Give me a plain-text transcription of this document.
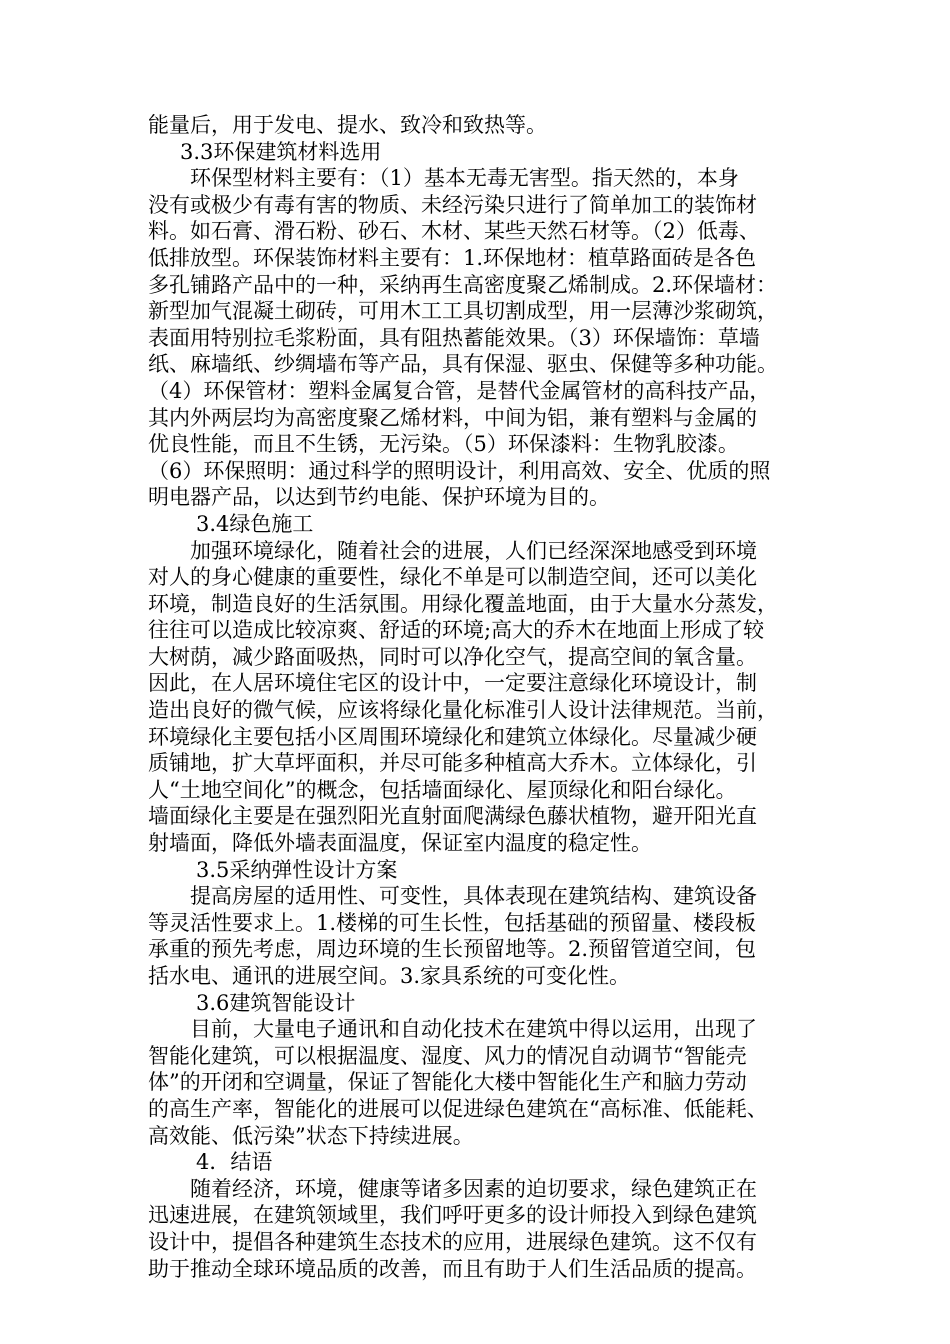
能量后，用于发电、提水、致冷和致热等。
3.3环保建筑材料选用
环保型材料主要有：（1）基本无毒无害型。指天然的，本身
没有或极少有毒有害的物质、未经污染只进行了简单加工的装饰材
料。如石膏、滑石粉、砂石、木材、某些天然石材等。（2）低毒、
低排放型。环保装饰材料主要有：1.环保地材：植草路面砖是各色
多孔铺路产品中的一种，采纳再生高密度聚乙烯制成。2.环保墙材：
新型加气混凝土砌砖，可用木工工具切割成型，用一层薄沙浆砌筑，
表面用特别拉毛浆粉面，具有阻热蓄能效果。（3）环保墙饰：草墙
纸、麻墙纸、纱绸墙布等产品，具有保湿、驱虫、保健等多种功能。
（4）环保管材：塑料金属复合管，是替代金属管材的高科技产品，
其内外两层均为高密度聚乙烯材料，中间为铝，兼有塑料与金属的
优良性能，而且不生锈，无污染。（5）环保漆料：生物乳胶漆。
（6）环保照明：通过科学的照明设计，利用高效、安全、优质的照
明电器产品，以达到节约电能、保护环境为目的。
3.4绿色施工
加强环境绿化，随着社会的进展，人们已经深深地感受到环境
对人的身心健康的重要性，绿化不单是可以制造空间，还可以美化
环境，制造良好的生活氛围。用绿化覆盖地面，由于大量水分蒸发，
往往可以造成比较凉爽、舒适的环境;高大的乔木在地面上形成了较
大树荫，减少路面吸热，同时可以净化空气，提高空间的氧含量。
因此，在人居环境住宅区的设计中，一定要注意绿化环境设计，制
造出良好的微气候，应该将绿化量化标准引人设计法律规范。当前，
环境绿化主要包括小区周围环境绿化和建筑立体绿化。尽量减少硬
质铺地，扩大草坪面积，并尽可能多种植高大乔木。立体绿化，引
人“土地空间化”的概念，包括墙面绿化、屋顶绿化和阳台绿化。
墙面绿化主要是在强烈阳光直射面爬满绿色藤状植物，避开阳光直
射墙面，降低外墙表面温度，保证室内温度的稳定性。
3.5采纳弹性设计方案
提高房屋的适用性、可变性，具体表现在建筑结构、建筑设备
等灵活性要求上。1.楼梯的可生长性，包括基础的预留量、楼段板
承重的预先考虑，周边环境的生长预留地等。2.预留管道空间，包
括水电、通讯的进展空间。3.家具系统的可变化性。
3.6建筑智能设计
目前，大量电子通讯和自动化技术在建筑中得以运用，出现了
智能化建筑，可以根据温度、湿度、风力的情况自动调节“智能壳
体”的开闭和空调量，保证了智能化大楼中智能化生产和脑力劳动
的高生产率，智能化的进展可以促进绿色建筑在“高标准、低能耗、
高效能、低污染”状态下持续进展。
4．结语
随着经济，环境，健康等诸多因素的迫切要求，绿色建筑正在
迅速进展，在建筑领域里，我们呼吁更多的设计师投入到绿色建筑
设计中，提倡各种建筑生态技术的应用，进展绿色建筑。这不仅有
助于推动全球环境品质的改善，而且有助于人们生活品质的提高。
